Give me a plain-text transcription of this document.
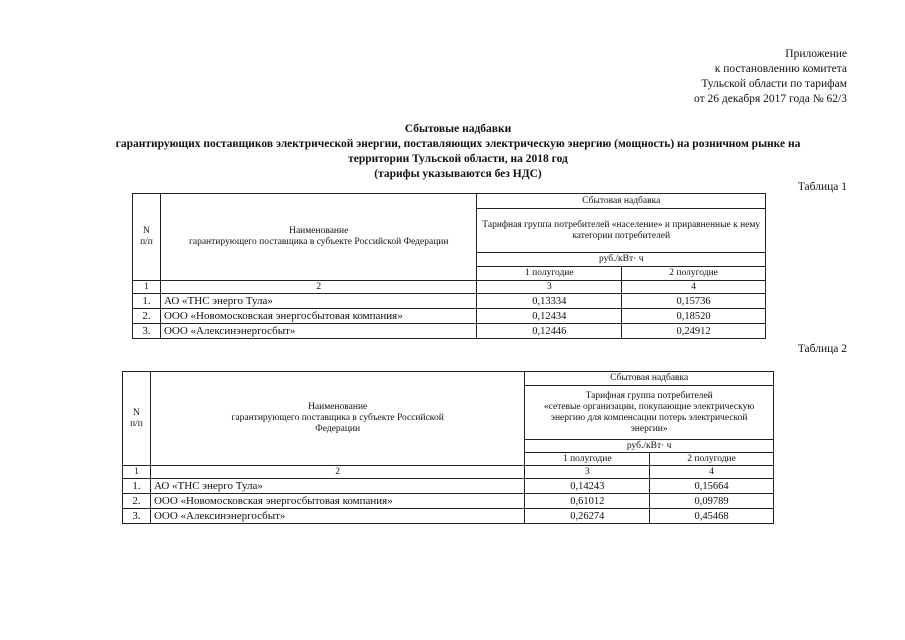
Приложение
к постановлению комитета
Тульской области по тарифам
от 26 декабря 2017 года № 62/3
Сбытовые надбавки
гарантирующих поставщиков электрической энергии, поставляющих электрическую энергию (мощность) на розничном рынке на
территории Тульской области, на 2018 год
(тарифы указываются без НДС)
Таблица 1
N
п/п	Наименование
гарантирующего поставщика в субъекте Российской Федерации	Сбытовая надбавка	
		Тарифная группа потребителей «население» и приравненные к нему категории потребителей	
		руб./кВт· ч	
		1 полугодие	2 полугодие
1	2	3	4
1.	АО «ТНС энерго Тула»	0,13334	0,15736
2.	ООО «Новомосковская энергосбытовая компания»	0,12434	0,18520
3.	ООО «Алексинэнергосбыт»	0,12446	0,24912
Таблица 2
N
п/п	Наименование
гарантирующего поставщика в субъекте Российской
Федерации	Сбытовая надбавка	
		Тарифная группа потребителей
«сетевые организации, покупающие электрическую
энергию для компенсации потерь электрической
энергии»	
		руб./кВт· ч	
		1 полугодие	2 полугодие
1	2	3	4
1.	АО «ТНС энерго Тула»	0,14243	0,15664
2.	ООО «Новомосковская энергосбытовая компания»	0,61012	0,09789
3.	ООО «Алексинэнергосбыт»	0,26274	0,45468
